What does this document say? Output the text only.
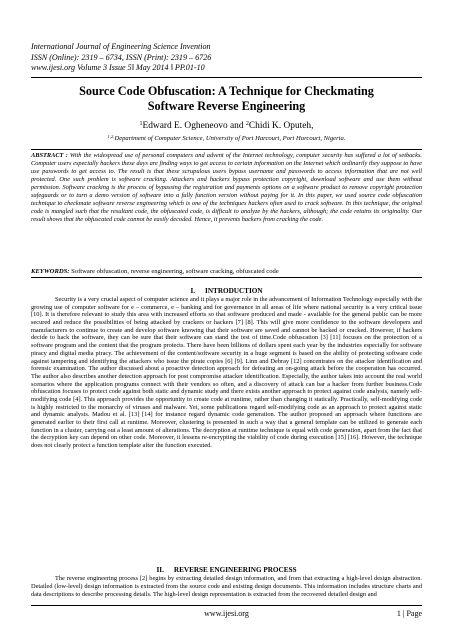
International Journal of Engineering Science Invention
ISSN (Online): 2319 – 6734, ISSN (Print): 2319 – 6726
www.ijesi.org Volume 3 Issue 5ǁ May 2014 ǁ PP.01-10
Source Code Obfuscation: A Technique for Checkmating
Software Reverse Engineering
$^1$Edward E. Ogheneovo and $^2$Chidi K. Oputeh,
$^{1,2,}$Department of Computer Science, University of Port Harcourt, Port Harcourt, Nigeria.
ABSTRACT : With the widespread use of personal computers and advent of the Internet technology, computer security has suffered a lot of setbacks. Computer users especially hackers these days are finding ways to get access to certain information on the Internet which ordinarily they suppose to have use passwords to get access to. The result is that these scrupulous users bypass username and passwords to access information that are not well protected. One such problem is software cracking. Attackers and hackers bypass protection copyright, download software and use them without permission. Software cracking is the process of bypassing the registration and payments options on a software product to remove copyright protection safeguards or to turn a demo version of software into a fully function version without paying for it. In this paper, we used source code obfuscation technique to checkmate software reverse engineering which is one of the techniques hackers often used to crack software. In this technique, the original code is mangled such that the resultant code, the obfuscated code, is difficult to analyze by the hackers, although; the code retains its originality. Our result shows that the obfuscated code cannot be easily decoded. Hence, it prevents hackers from cracking the code.
KEYWORDS: Software obfuscation, reverse engineering, software cracking, obfuscated code
I. INTRODUCTION
Security is a very crucial aspect of computer science and it plays a major role in the advancement of Information Technology especially with the growing use of computer software for e – commerce, e – banking and for governance in all areas of life where national security is a very critical issue [10]. It is therefore relevant to study this area with increased efforts so that software produced and made - available for the general public can be more secured and reduce the possibilities of being attacked by crackers or hackers [7] [8]. This will give more confidence to the software developers and manufacturers to continue to create and develop software knowing that their software are saved and cannot be hacked or cracked. However, if hackers decide to hack the software, they can be sure that their software can stand the test of time.Code obfuscation [3] [11] focuses on the protection of a software program and the content that the program protects. There have been billions of dollars spent each year by the industries especially for software piracy and digital media piracy. The achievement of the content/software security in a huge segment is based on the ability of protecting software code against tampering and identifying the attackers who issue the pirate copies [6] [9]. Linn and Debray [12] concentrates on the attacker identification and forensic examination. The author discussed about a proactive detection approach for defeating an on-going attack before the cooperation has occurred. The author also describes another detection approach for post compromise attacker identification. Especially, the author takes into account the real world scenarios where the application programs connect with their vendors so often, and a discovery of attack can bar a hacker from further business.Code obfuscation focuses to protect code against both static and dynamic study and there exists another approach to protect against code analysis, namely self-modifying code [4]. This approach provides the opportunity to create code at runtime, rather than changing it statically. Practically, self-modifying code is highly restricted to the monarchy of viruses and malware. Yet, some publications regard self-modifying code as an approach to protect against static and dynamic analysis. Madou et al. [13] [14] for instance regard dynamic code generation. The author proposed an approach where functions are generated earlier to their first call at runtime. Moreover, clustering is presented in such a way that a general template can be utilized to generate each function in a cluster, carrying out a least amount of alterations. The decryption at runtime technique is equal with code generation, apart from the fact that the decryption key can depend on other code. Moreover, it lessens re-encrypting the viability of code during execution [15] [16]. However, the technique does not clearly protect a function template after the function executed.
II. REVERSE ENGINEERING PROCESS
The reverse engineering process [2] begins by extracting detailed design information, and from that extracting a high-level design abstraction. Detailed (low-level) design information is extracted from the source code and existing design documents. This information includes structure charts and data descriptions to describe processing details. The high-level design representation is extracted from the recovered detailed design and
www.ijesi.org	1 | Page
